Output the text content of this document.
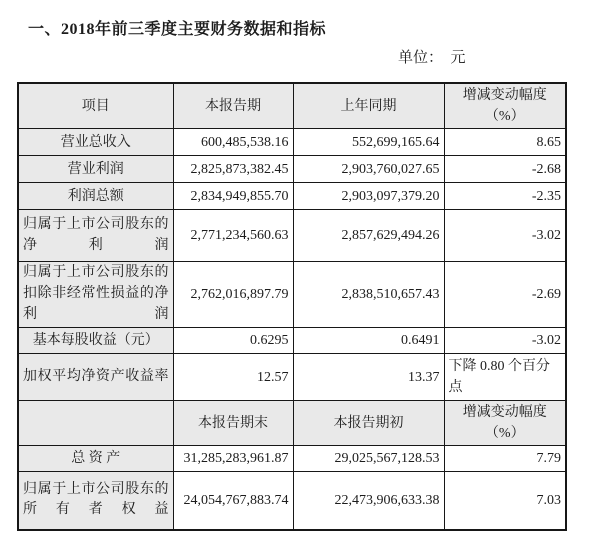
一、2018年前三季度主要财务数据和指标
单位：　元
项目	本报告期	上年同期	增减变动幅度
（%）

营业总收入	600,485,538.16	552,699,165.64	8.65
营业利润	2,825,873,382.45	2,903,760,027.65	-2.68
利润总额	2,834,949,855.70	2,903,097,379.20	-2.35
归属于上市公司股东的净利润	2,771,234,560.63	2,857,629,494.26	-3.02
归属于上市公司股东的扣除非经常性损益的净利润	2,762,016,897.79	2,838,510,657.43	-2.69
基本每股收益（元）	0.6295	0.6491	-3.02
加权平均净资产收益率	12.57	13.37	下降 0.80 个百分点
	本报告期末	本报告期初	增减变动幅度
（%）

总 资 产	31,285,283,961.87	29,025,567,128.53	7.79
归属于上市公司股东的所有者权益	24,054,767,883.74	22,473,906,633.38	7.03
